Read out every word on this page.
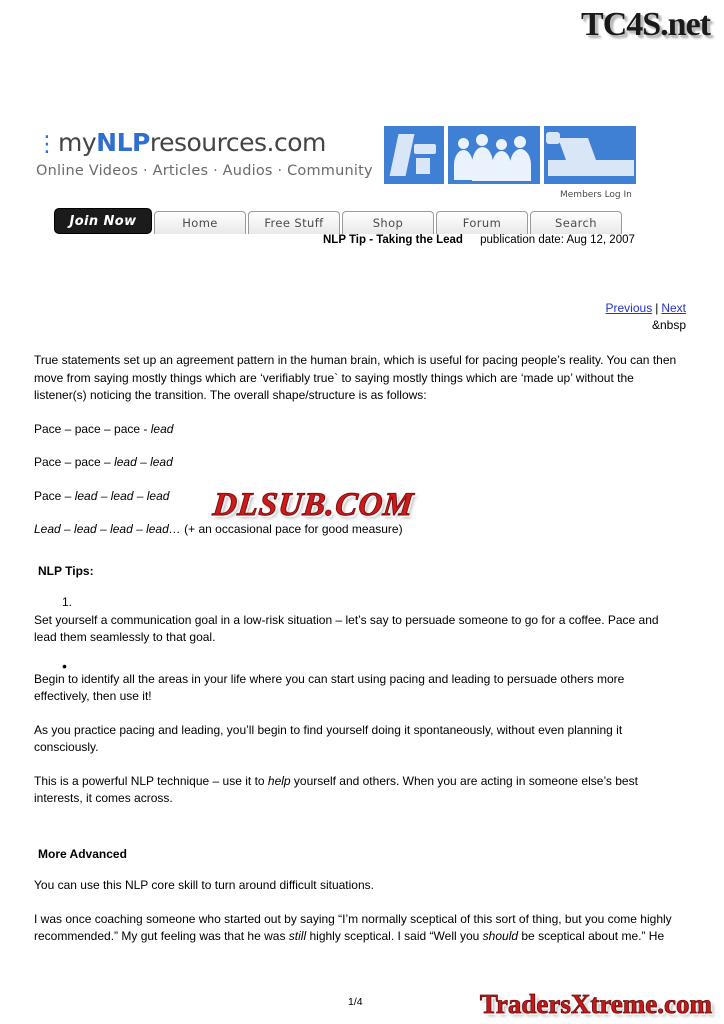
TC4S.net
⋮ myNLPresources.com
Online Videos · Articles · Audios · Community
Members Log In
Join Now	Home	Free Stuff	Shop	Forum	Search
NLP Tip - Taking the Lead publication date: Aug 12, 2007
Previous | Next
&nbsp

True statements set up an agreement pattern in the human brain, which is useful for pacing people’s reality. You can then move from saying mostly things which are ‘verifiably true` to saying mostly things which are ‘made up’ without the listener(s) noticing the transition. The overall shape/structure is as follows:

Pace – pace – pace - lead

Pace – pace – lead – lead

Pace – lead – lead – lead

Lead – lead – lead – lead… (+ an occasional pace for good measure)

NLP Tips:
1.

Set yourself a communication goal in a low-risk situation – let’s say to persuade someone to go for a coffee. Pace and lead them seamlessly to that goal.

•

Begin to identify all the areas in your life where you can start using pacing and leading to persuade others more effectively, then use it!

As you practice pacing and leading, you’ll begin to find yourself doing it spontaneously, without even planning it consciously.

This is a powerful NLP technique – use it to help yourself and others. When you are acting in someone else’s best interests, it comes across.

More Advanced

You can use this NLP core skill to turn around difficult situations.

I was once coaching someone who started out by saying “I’m normally sceptical of this sort of thing, but you come highly recommended.” My gut feeling was that he was still highly sceptical. I said “Well you should be sceptical about me.” He

DLSUB.COM
1/4	TradersXtreme.com
